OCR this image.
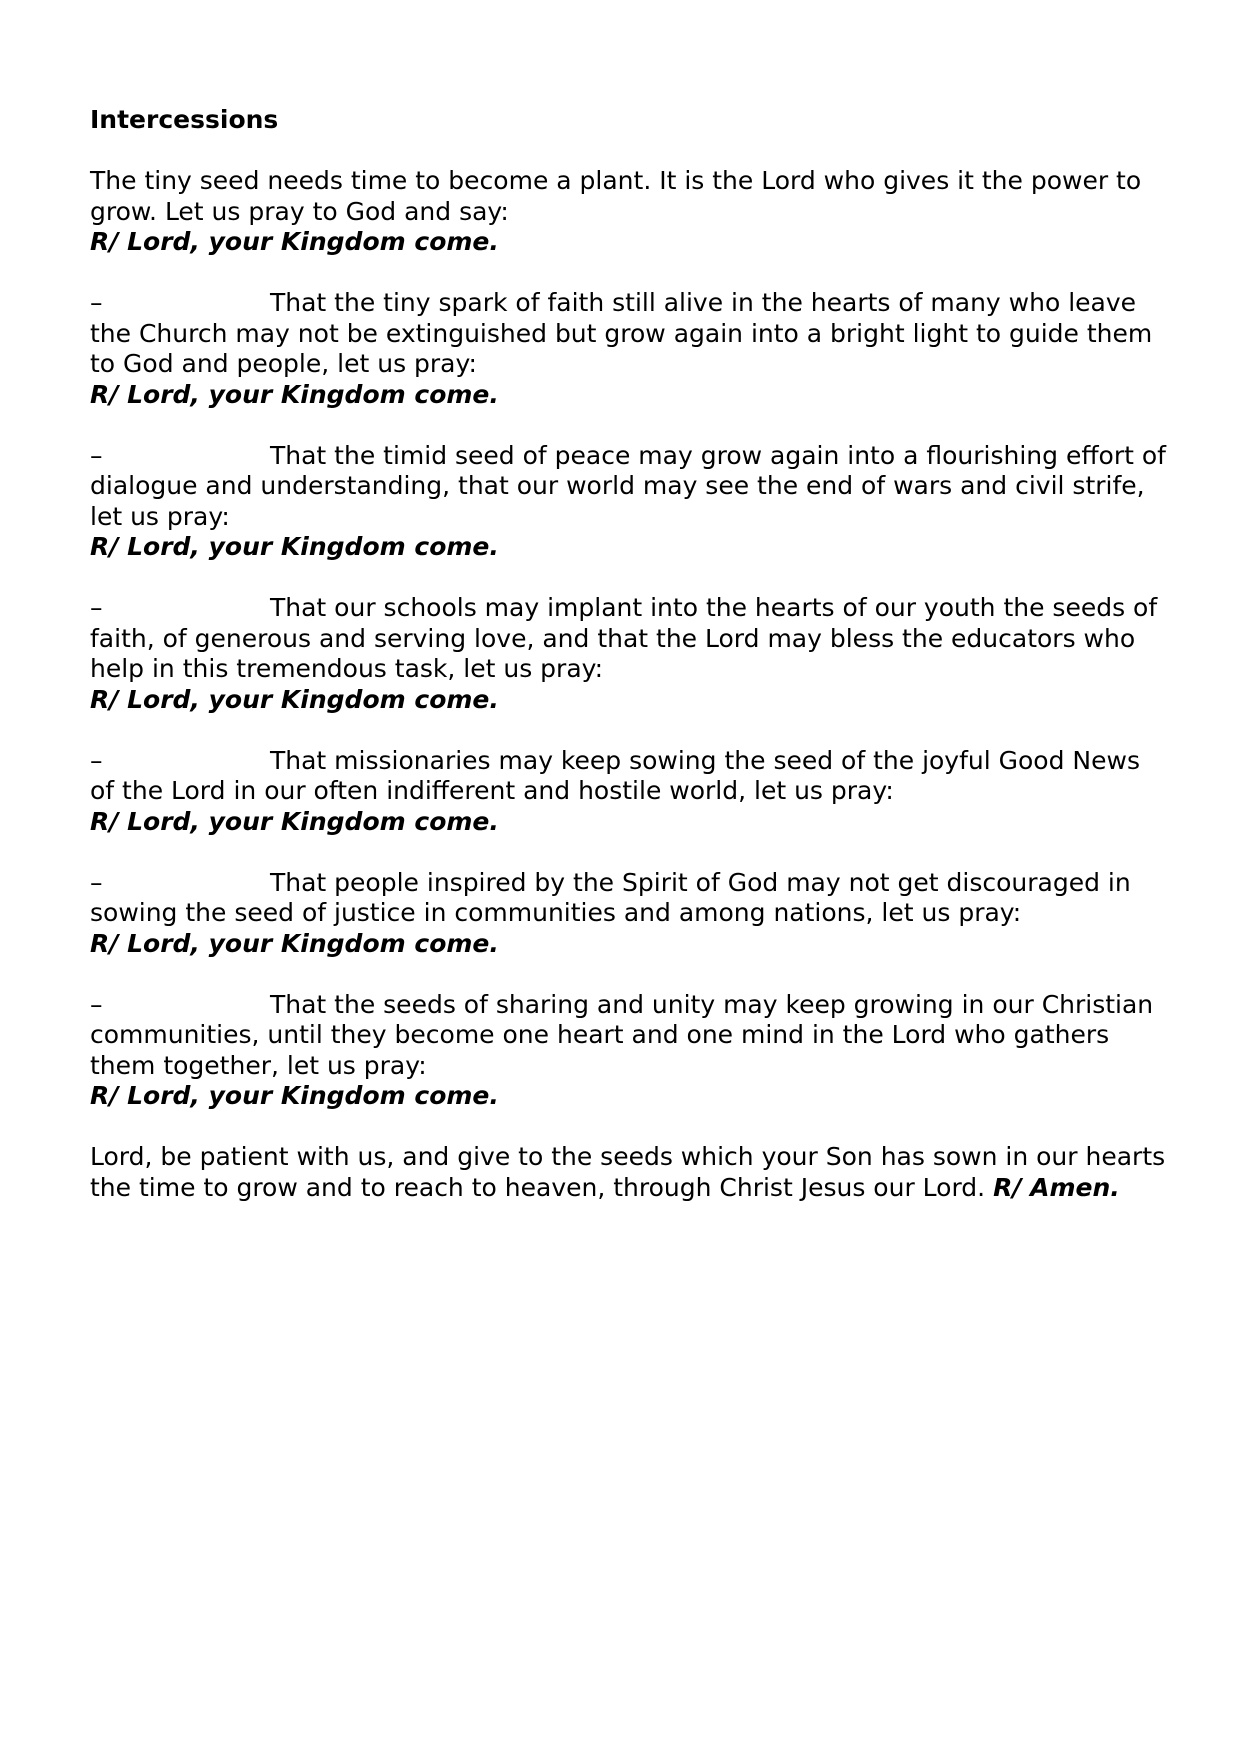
Intercessions
The tiny seed needs time to become a plant. It is the Lord who gives it the power to grow. Let us pray to God and say:
R/ Lord, your Kingdom come.
–	That the tiny spark of faith still alive in the hearts of many who leave the Church may not be extinguished but grow again into a bright light to guide them to God and people, let us pray:
R/ Lord, your Kingdom come.
–	That the timid seed of peace may grow again into a flourishing effort of dialogue and understanding, that our world may see the end of wars and civil strife, let us pray:
R/ Lord, your Kingdom come.
–	That our schools may implant into the hearts of our youth the seeds of faith, of generous and serving love, and that the Lord may bless the educators who help in this tremendous task, let us pray:
R/ Lord, your Kingdom come.
–	That missionaries may keep sowing the seed of the joyful Good News of the Lord in our often indifferent and hostile world, let us pray:
R/ Lord, your Kingdom come.
–	That people inspired by the Spirit of God may not get discouraged in sowing the seed of justice in communities and among nations, let us pray:
R/ Lord, your Kingdom come.
–	That the seeds of sharing and unity may keep growing in our Christian communities, until they become one heart and one mind in the Lord who gathers them together, let us pray:
R/ Lord, your Kingdom come.
Lord, be patient with us, and give to the seeds which your Son has sown in our hearts the time to grow and to reach to heaven, through Christ Jesus our Lord. R/ Amen.
